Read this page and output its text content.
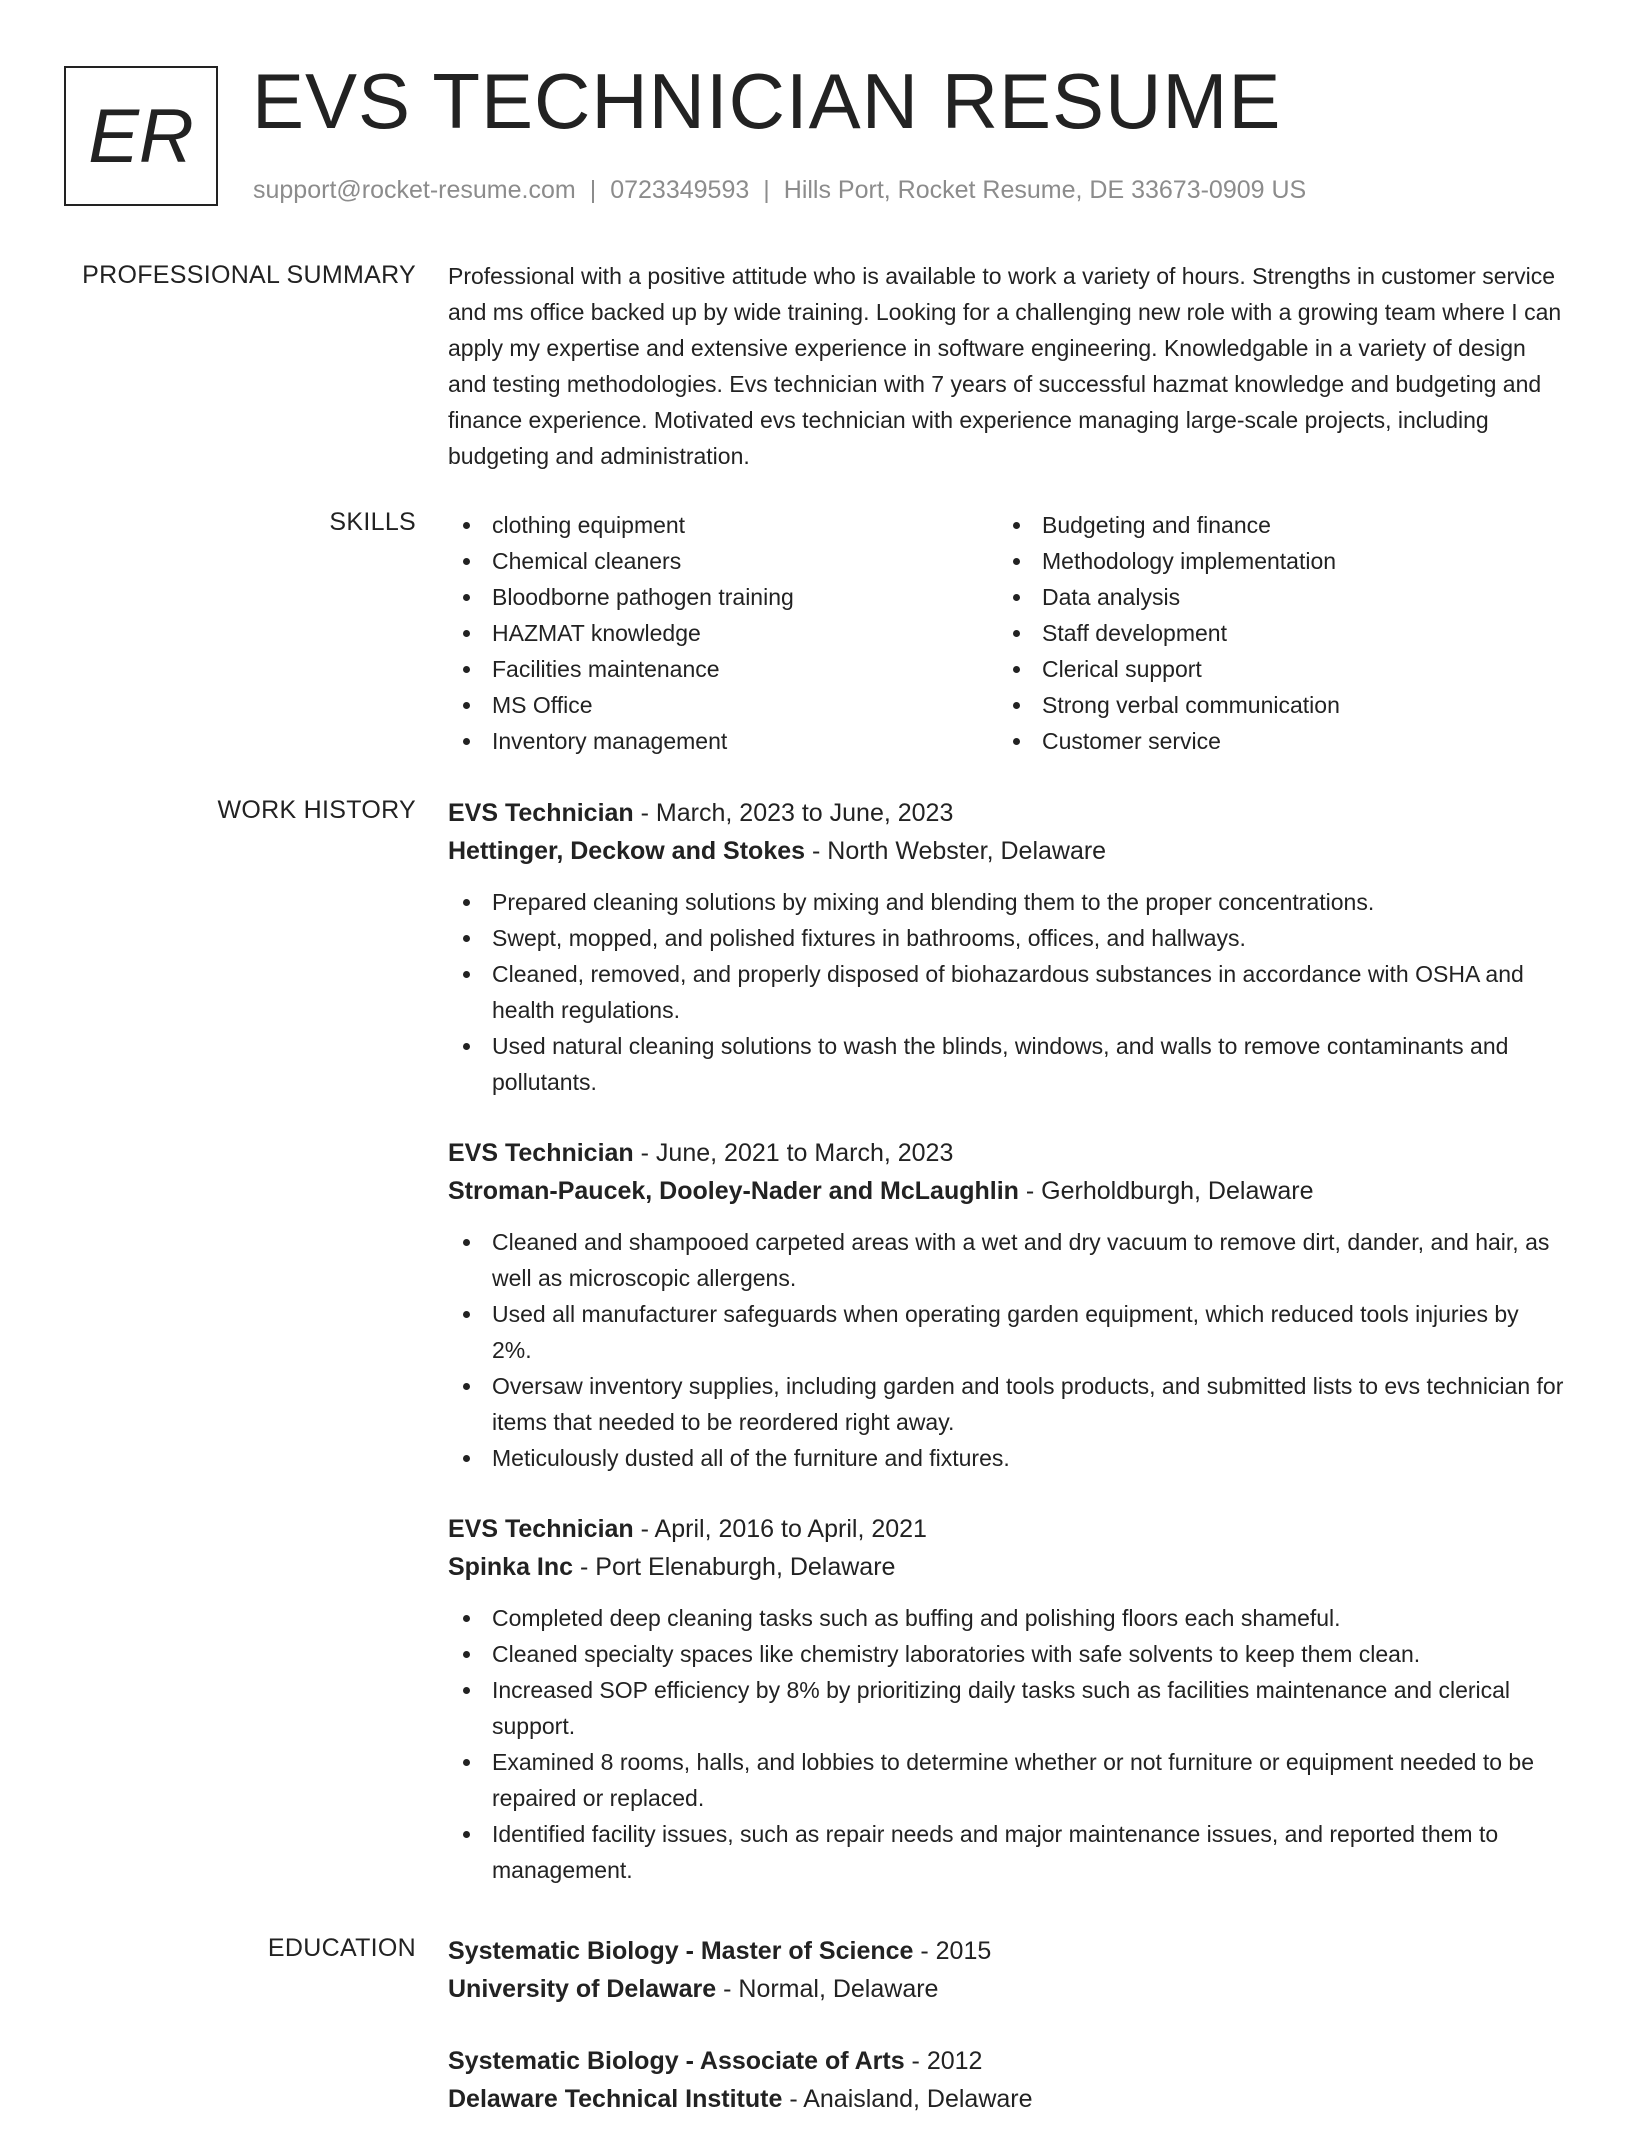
ER EVS TECHNICIAN RESUME
support@rocket-resume.com | 0723349593 | Hills Port, Rocket Resume, DE 33673-0909 US
PROFESSIONAL SUMMARY Professional with a positive attitude who is available to work a variety of hours. Strengths in customer service and ms office backed up by wide training. Looking for a challenging new role with a growing team where I can apply my expertise and extensive experience in software engineering. Knowledgable in a variety of design and testing methodologies. Evs technician with 7 years of successful hazmat knowledge and budgeting and finance experience. Motivated evs technician with experience managing large-scale projects, including budgeting and administration.

SKILLS	clothing equipment
Chemical cleaners
Bloodborne pathogen training
HAZMAT knowledge
Facilities maintenance
MS Office
Inventory management
Budgeting and finance
Methodology implementation
Data analysis
Staff development
Clerical support
Strong verbal communication
Customer service
WORK HISTORY EVS Technician - March, 2023 to June, 2023
Hettinger, Deckow and Stokes - North Webster, Delaware
Prepared cleaning solutions by mixing and blending them to the proper concentrations.
Swept, mopped, and polished fixtures in bathrooms, offices, and hallways.
Cleaned, removed, and properly disposed of biohazardous substances in accordance with OSHA and health regulations.
Used natural cleaning solutions to wash the blinds, windows, and walls to remove contaminants and pollutants.
EVS Technician - June, 2021 to March, 2023
Stroman-Paucek, Dooley-Nader and McLaughlin - Gerholdburgh, Delaware
Cleaned and shampooed carpeted areas with a wet and dry vacuum to remove dirt, dander, and hair, as well as microscopic allergens.
Used all manufacturer safeguards when operating garden equipment, which reduced tools injuries by 2%.
Oversaw inventory supplies, including garden and tools products, and submitted lists to evs technician for items that needed to be reordered right away.
Meticulously dusted all of the furniture and fixtures.
EVS Technician - April, 2016 to April, 2021
Spinka Inc - Port Elenaburgh, Delaware
Completed deep cleaning tasks such as buffing and polishing floors each shameful.
Cleaned specialty spaces like chemistry laboratories with safe solvents to keep them clean.
Increased SOP efficiency by 8% by prioritizing daily tasks such as facilities maintenance and clerical support.
Examined 8 rooms, halls, and lobbies to determine whether or not furniture or equipment needed to be repaired or replaced.
Identified facility issues, such as repair needs and major maintenance issues, and reported them to management.
EDUCATION Systematic Biology - Master of Science - 2015
University of Delaware - Normal, Delaware
Systematic Biology - Associate of Arts - 2012
Delaware Technical Institute - Anaisland, Delaware
